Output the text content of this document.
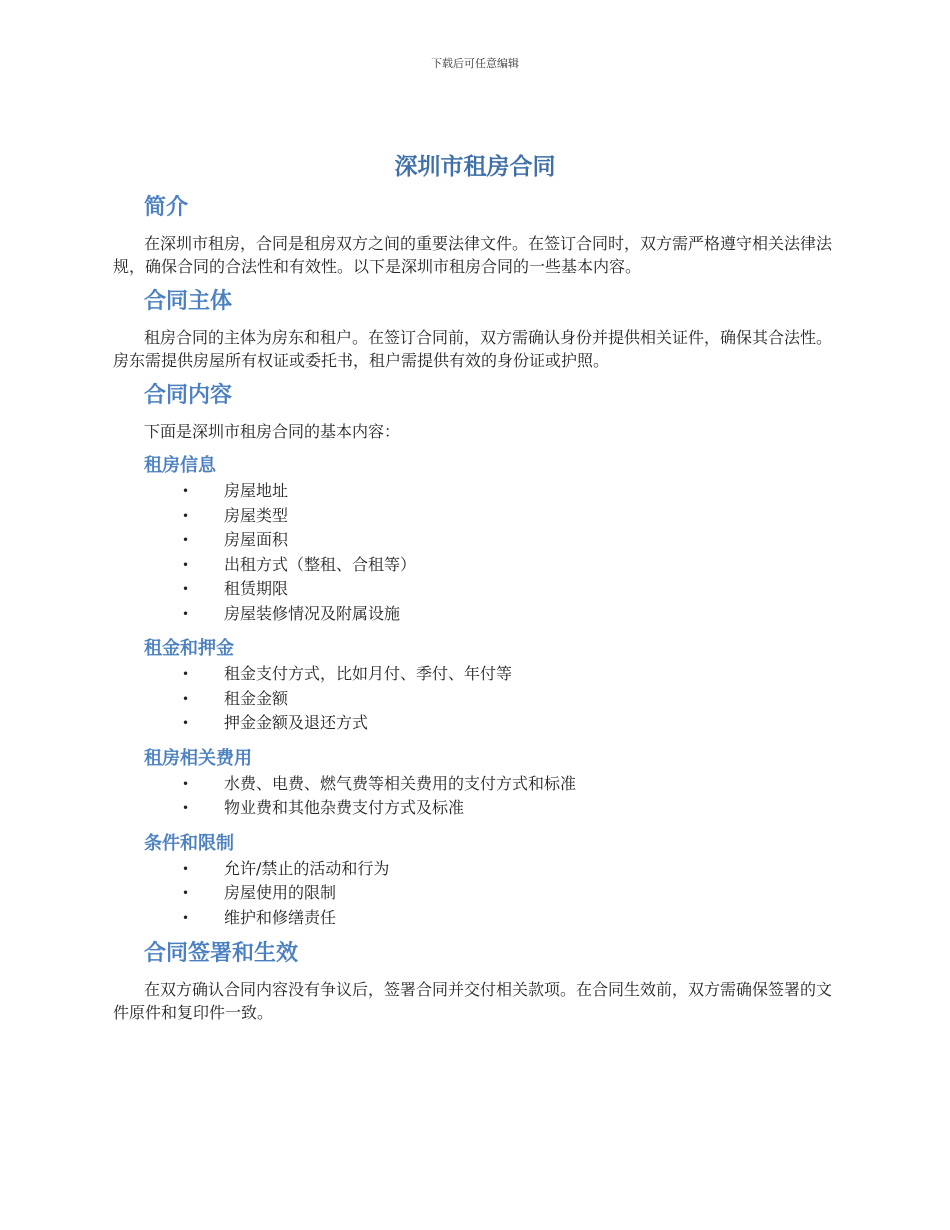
下载后可任意编辑
深圳市租房合同
简介

在深圳市租房，合同是租房双方之间的重要法律文件。在签订合同时，双方需严格遵守相关法律法规，确保合同的合法性和有效性。以下是深圳市租房合同的一些基本内容。

合同主体

租房合同的主体为房东和租户。在签订合同前，双方需确认身份并提供相关证件，确保其合法性。房东需提供房屋所有权证或委托书，租户需提供有效的身份证或护照。

合同内容

下面是深圳市租房合同的基本内容：

租房信息
• 房屋地址
• 房屋类型
• 房屋面积
• 出租方式（整租、合租等）
• 租赁期限
• 房屋装修情况及附属设施
租金和押金
• 租金支付方式，比如月付、季付、年付等
• 租金金额
• 押金金额及退还方式
租房相关费用
• 水费、电费、燃气费等相关费用的支付方式和标准
• 物业费和其他杂费支付方式及标准
条件和限制
• 允许/禁止的活动和行为
• 房屋使用的限制
• 维护和修缮责任
合同签署和生效

在双方确认合同内容没有争议后，签署合同并交付相关款项。在合同生效前，双方需确保签署的文件原件和复印件一致。
